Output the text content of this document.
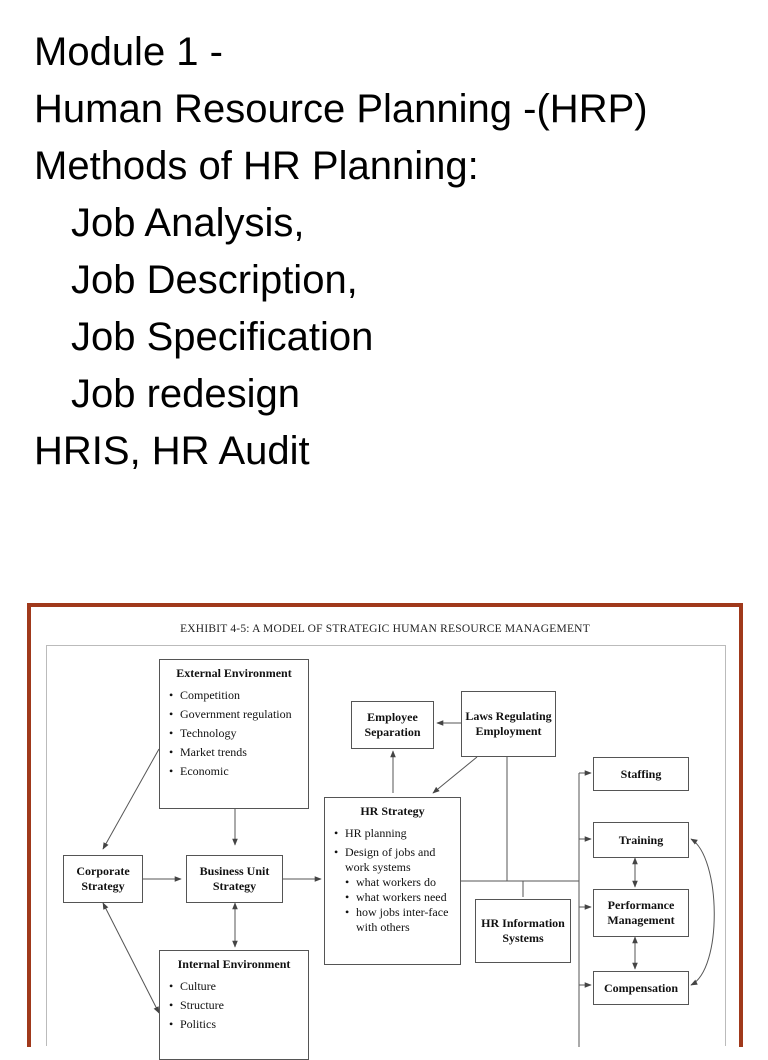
Module 1 -
Human Resource Planning -(HRP)
Methods of HR Planning:
Job Analysis,
Job Description,
Job Specification
Job redesign
HRIS, HR Audit
EXHIBIT 4-5: A MODEL OF STRATEGIC HUMAN RESOURCE MANAGEMENT
External Environment
• Competition
• Government regulation
• Technology
• Market trends
• Economic
Corporate Strategy
Business Unit Strategy
Internal Environment
• Culture
• Structure
• Politics
Employee Separation
Laws Regulating Employment
HR Strategy
• HR planning
• Design of jobs and work systems
• what workers do
• what workers need
• how jobs inter-face with others	HR Information Systems
Staffing
Training
Performance Management
Compensation
